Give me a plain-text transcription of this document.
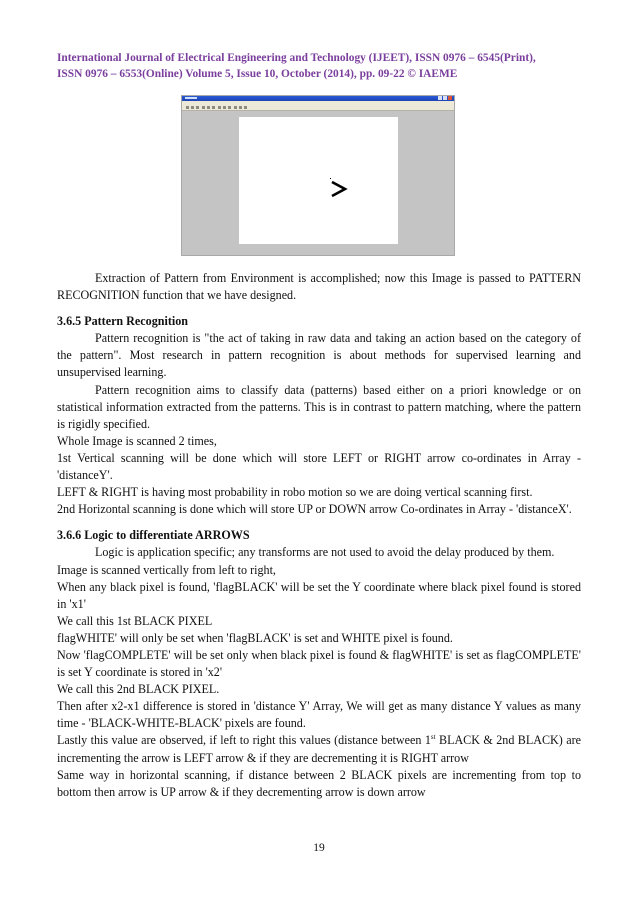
International Journal of Electrical Engineering and Technology (IJEET), ISSN 0976 – 6545(Print),
ISSN 0976 – 6553(Online) Volume 5, Issue 10, October (2014), pp. 09-22 © IAEME

Extraction of Pattern from Environment is accomplished; now this Image is passed to PATTERN RECOGNITION function that we have designed.

3.6.5 Pattern Recognition

Pattern recognition is "the act of taking in raw data and taking an action based on the category of the pattern". Most research in pattern recognition is about methods for supervised learning and unsupervised learning.

Pattern recognition aims to classify data (patterns) based either on a priori knowledge or on statistical information extracted from the patterns. This is in contrast to pattern matching, where the pattern is rigidly specified.

Whole Image is scanned 2 times,

1st Vertical scanning will be done which will store LEFT or RIGHT arrow co-ordinates in Array - 'distanceY'.

LEFT & RIGHT is having most probability in robo motion so we are doing vertical scanning first.

2nd Horizontal scanning is done which will store UP or DOWN arrow Co-ordinates in Array - 'distanceX'.

3.6.6 Logic to differentiate ARROWS

Logic is application specific; any transforms are not used to avoid the delay produced by them.

Image is scanned vertically from left to right,

When any black pixel is found, 'flagBLACK' will be set the Y coordinate where black pixel found is stored in 'x1'

We call this 1st BLACK PIXEL

flagWHITE' will only be set when 'flagBLACK' is set and WHITE pixel is found.

Now 'flagCOMPLETE' will be set only when black pixel is found & flagWHITE' is set as flagCOMPLETE' is set Y coordinate is stored in 'x2'

We call this 2nd BLACK PIXEL.

Then after x2-x1 difference is stored in 'distance Y' Array, We will get as many distance Y values as many time - 'BLACK-WHITE-BLACK' pixels are found.

Lastly this value are observed, if left to right this values (distance between 1st BLACK & 2nd BLACK) are incrementing the arrow is LEFT arrow & if they are decrementing it is RIGHT arrow

Same way in horizontal scanning, if distance between 2 BLACK pixels are incrementing from top to bottom then arrow is UP arrow & if they decrementing arrow is down arrow

19
